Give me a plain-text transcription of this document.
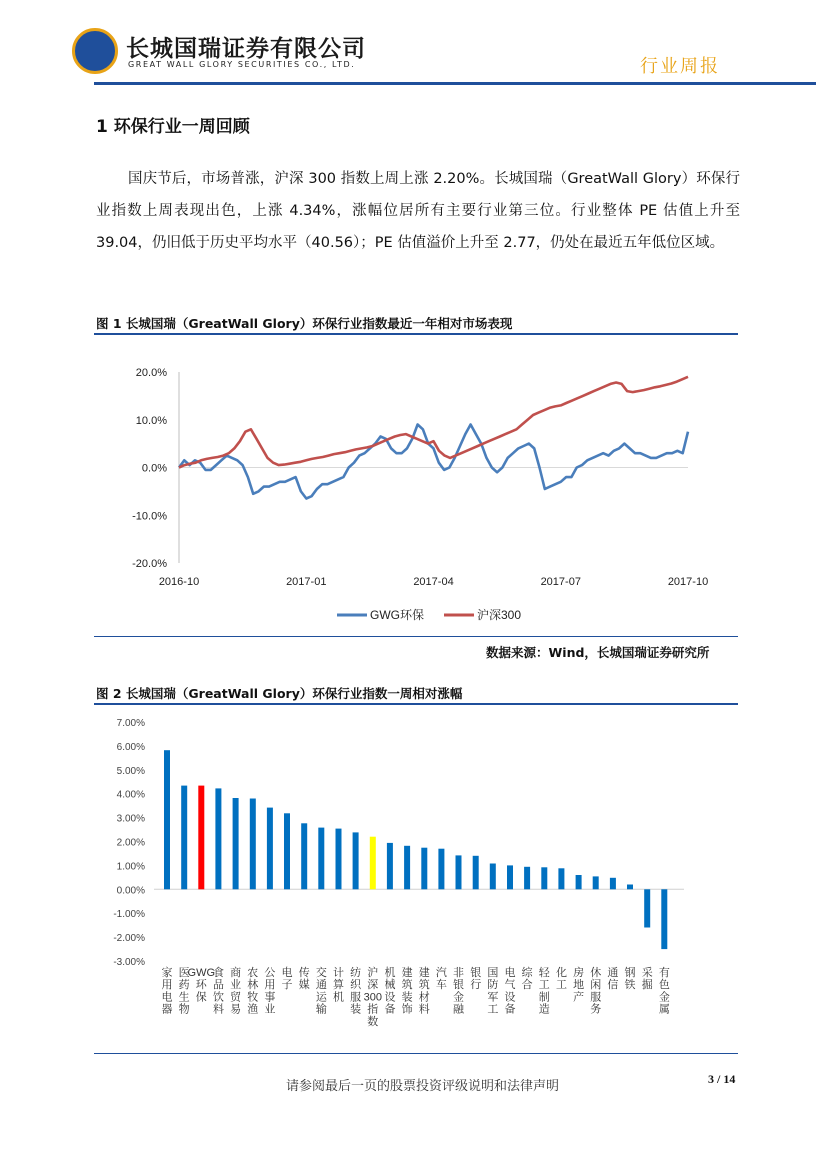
长城国瑞证券有限公司
GREAT WALL GLORY SECURITIES CO., LTD.	行业周报
1 环保行业一周回顾
国庆节后，市场普涨，沪深 300 指数上周上涨 2.20%。长城国瑞（GreatWall Glory）环保行业指数上周表现出色，上涨 4.34%，涨幅位居所有主要行业第三位。行业整体 PE 估值上升至 39.04，仍旧低于历史平均水平（40.56）；PE 估值溢价上升至 2.77，仍处在最近五年低位区域。
图 1 长城国瑞（GreatWall Glory）环保行业指数最近一年相对市场表现
20.0%
10.0%
0.0%
-10.0%
-20.0%
2016-10	2017-01	2017-04	2017-07	2017-10
GWG环保	沪深300
数据来源：Wind，长城国瑞证券研究所
图 2 长城国瑞（GreatWall Glory）环保行业指数一周相对涨幅
7.00%
6.00%
5.00%
4.00%
3.00%
2.00%
1.00%
0.00%
-1.00%
-2.00%
-3.00%
家用电器
医药生物
GWG 环保
食品饮料
商业贸易
农林牧渔
公用事业
电子
传媒
交通运输
计算机
纺织服装
沪深 300 指数
机械设备
建筑装饰
建筑材料
汽车
非银金融
银行
国防军工
电气设备
综合
轻工制造
化工
房地产
休闲服务
通信
钢铁
采掘
有色金属
请参阅最后一页的股票投资评级说明和法律声明	3 / 14
